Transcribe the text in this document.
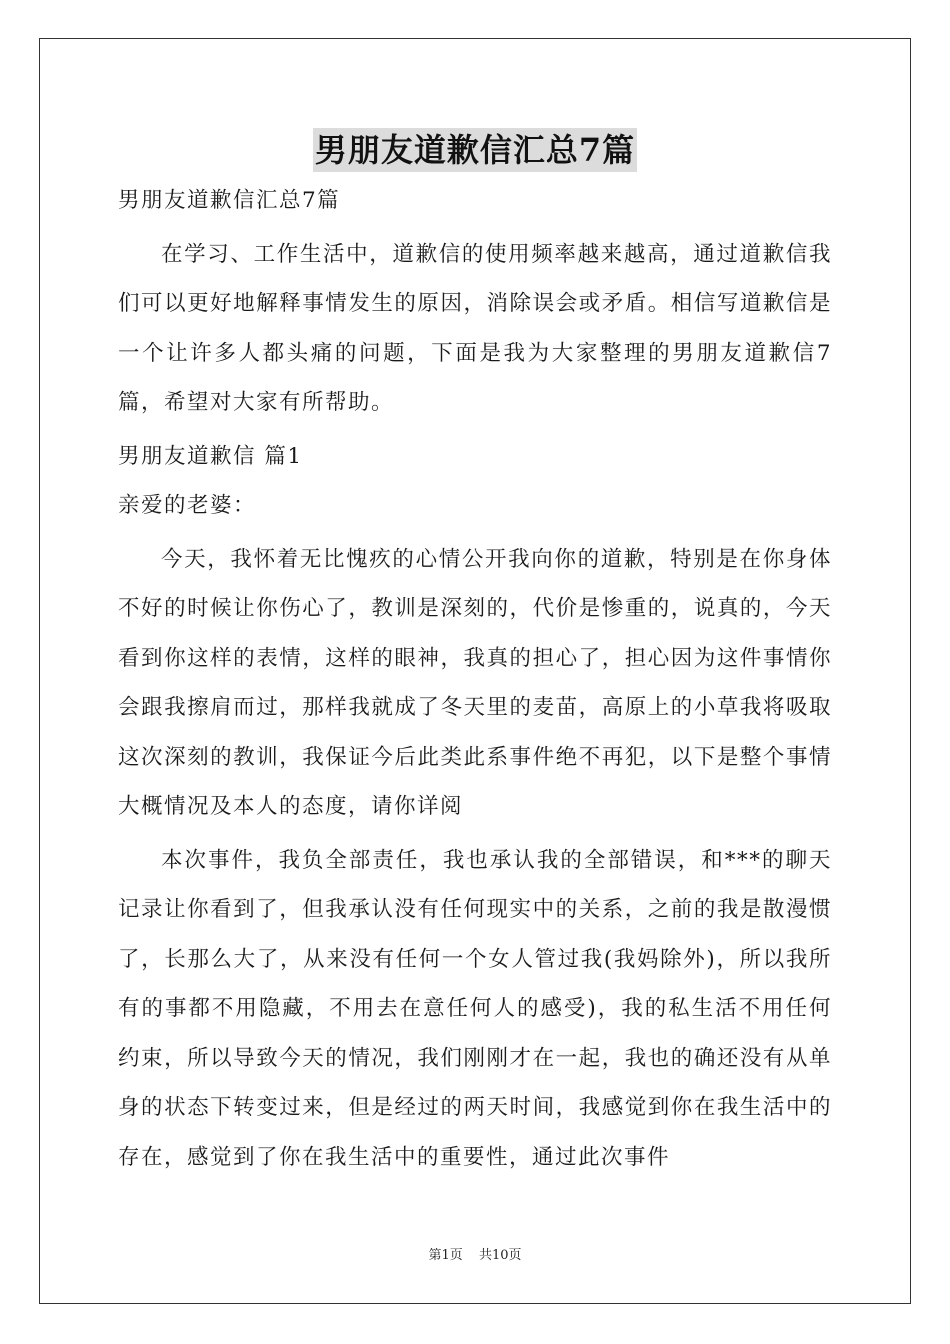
男朋友道歉信汇总7篇

男朋友道歉信汇总7篇

在学习、工作生活中，道歉信的使用频率越来越高，通过道歉信我们可以更好地解释事情发生的原因，消除误会或矛盾。相信写道歉信是一个让许多人都头痛的问题，下面是我为大家整理的男朋友道歉信7篇，希望对大家有所帮助。

男朋友道歉信 篇1

亲爱的老婆：

今天，我怀着无比愧疚的心情公开我向你的道歉，特别是在你身体不好的时候让你伤心了，教训是深刻的，代价是惨重的，说真的，今天看到你这样的表情，这样的眼神，我真的担心了，担心因为这件事情你会跟我擦肩而过，那样我就成了冬天里的麦苗，高原上的小草我将吸取这次深刻的教训，我保证今后此类此系事件绝不再犯，以下是整个事情大概情况及本人的态度，请你详阅

本次事件，我负全部责任，我也承认我的全部错误，和***的聊天记录让你看到了，但我承认没有任何现实中的关系，之前的我是散漫惯了，长那么大了，从来没有任何一个女人管过我(我妈除外)，所以我所有的事都不用隐藏，不用去在意任何人的感受)，我的私生活不用任何约束，所以导致今天的情况，我们刚刚才在一起，我也的确还没有从单身的状态下转变过来，但是经过的两天时间，我感觉到你在我生活中的存在，感觉到了你在我生活中的重要性，通过此次事件

第1页 共10页
